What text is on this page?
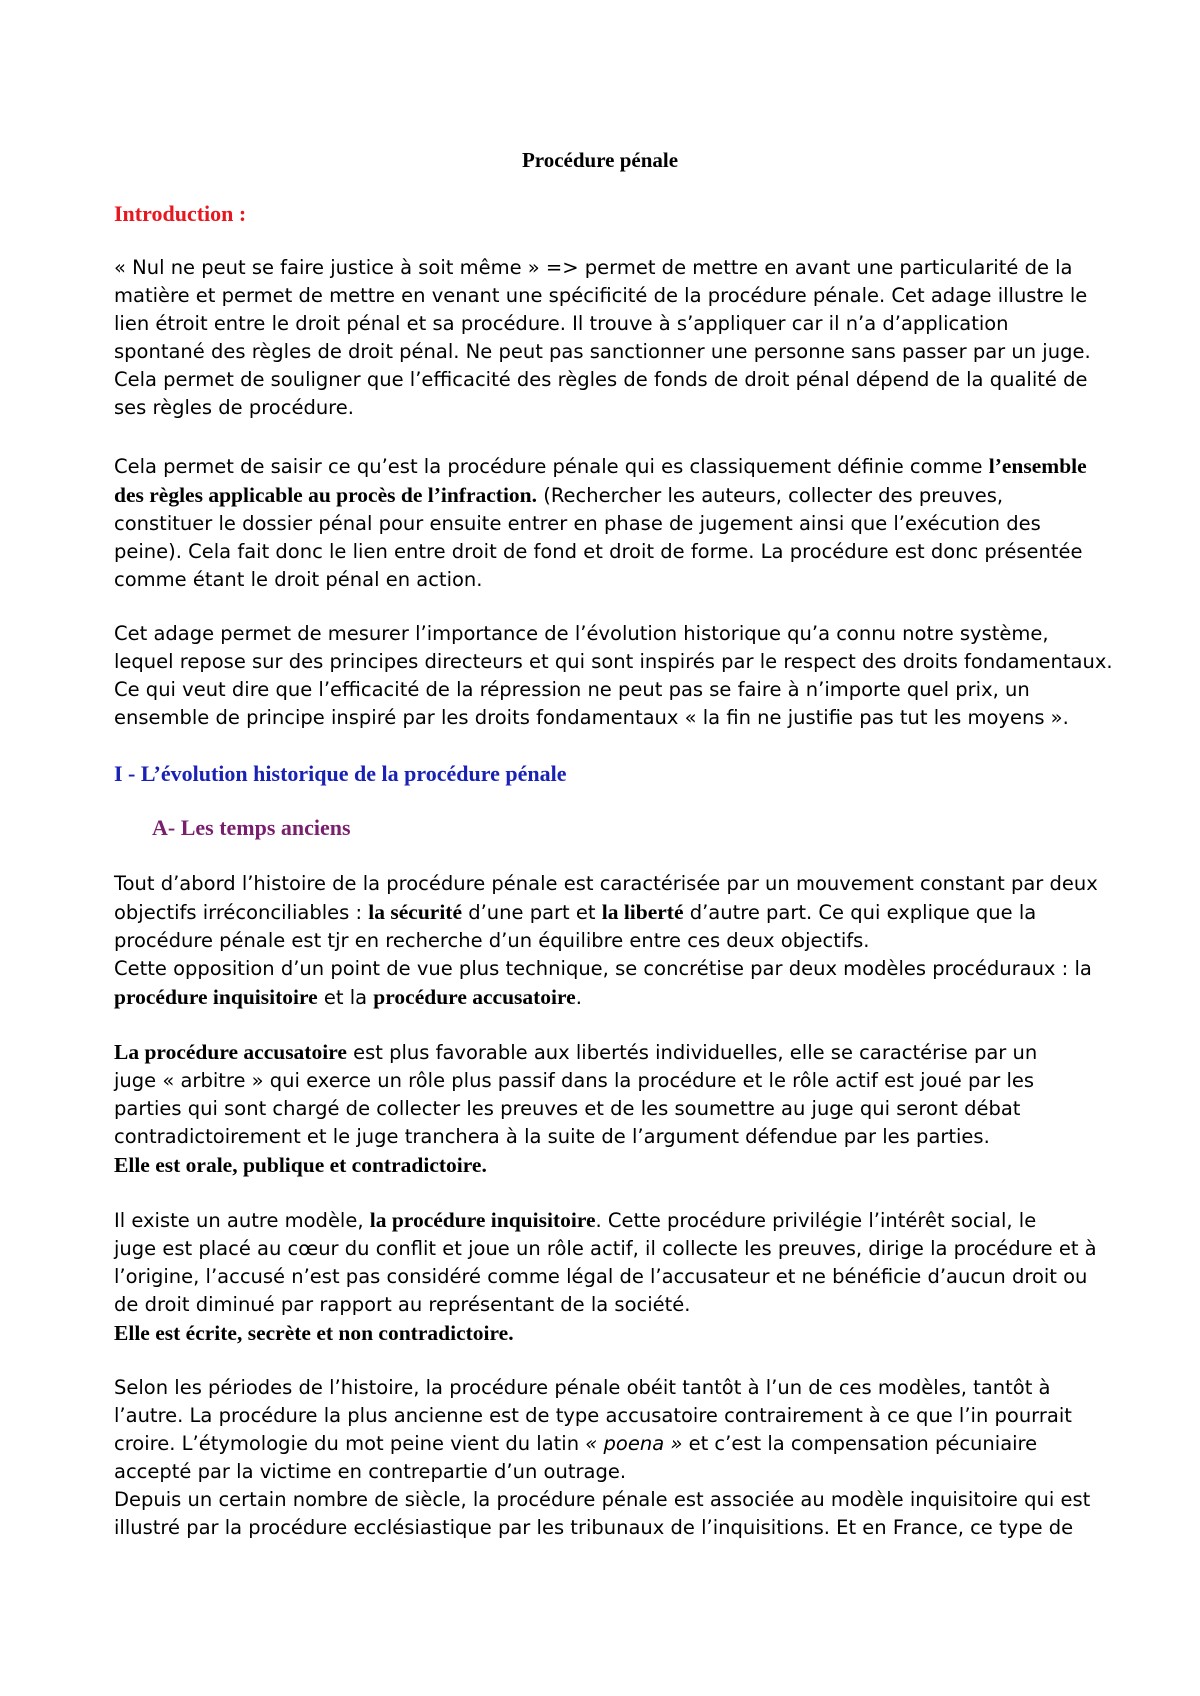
Procédure pénale
Introduction :
« Nul ne peut se faire justice à soit même » => permet de mettre en avant une particularité de la
matière et permet de mettre en venant une spécificité de la procédure pénale. Cet adage illustre le
lien étroit entre le droit pénal et sa procédure. Il trouve à s’appliquer car il n’a d’application
spontané des règles de droit pénal. Ne peut pas sanctionner une personne sans passer par un juge.
Cela permet de souligner que l’efficacité des règles de fonds de droit pénal dépend de la qualité de
ses règles de procédure.
Cela permet de saisir ce qu’est la procédure pénale qui es classiquement définie comme l’ensemble
des règles applicable au procès de l’infraction. (Rechercher les auteurs, collecter des preuves,
constituer le dossier pénal pour ensuite entrer en phase de jugement ainsi que l’exécution des
peine). Cela fait donc le lien entre droit de fond et droit de forme. La procédure est donc présentée
comme étant le droit pénal en action.
Cet adage permet de mesurer l’importance de l’évolution historique qu’a connu notre système,
lequel repose sur des principes directeurs et qui sont inspirés par le respect des droits fondamentaux.
Ce qui veut dire que l’efficacité de la répression ne peut pas se faire à n’importe quel prix, un
ensemble de principe inspiré par les droits fondamentaux « la fin ne justifie pas tut les moyens ».
I - L’évolution historique de la procédure pénale
A- Les temps anciens
Tout d’abord l’histoire de la procédure pénale est caractérisée par un mouvement constant par deux
objectifs irréconciliables : la sécurité d’une part et la liberté d’autre part. Ce qui explique que la
procédure pénale est tjr en recherche d’un équilibre entre ces deux objectifs.
Cette opposition d’un point de vue plus technique, se concrétise par deux modèles procéduraux : la
procédure inquisitoire et la procédure accusatoire.
La procédure accusatoire est plus favorable aux libertés individuelles, elle se caractérise par un
juge « arbitre » qui exerce un rôle plus passif dans la procédure et le rôle actif est joué par les
parties qui sont chargé de collecter les preuves et de les soumettre au juge qui seront débat
contradictoirement et le juge tranchera à la suite de l’argument défendue par les parties.
Elle est orale, publique et contradictoire.
Il existe un autre modèle, la procédure inquisitoire. Cette procédure privilégie l’intérêt social, le
juge est placé au cœur du conflit et joue un rôle actif, il collecte les preuves, dirige la procédure et à
l’origine, l’accusé n’est pas considéré comme légal de l’accusateur et ne bénéficie d’aucun droit ou
de droit diminué par rapport au représentant de la société.
Elle est écrite, secrète et non contradictoire.
Selon les périodes de l’histoire, la procédure pénale obéit tantôt à l’un de ces modèles, tantôt à
l’autre. La procédure la plus ancienne est de type accusatoire contrairement à ce que l’in pourrait
croire. L’étymologie du mot peine vient du latin « poena » et c’est la compensation pécuniaire
accepté par la victime en contrepartie d’un outrage.
Depuis un certain nombre de siècle, la procédure pénale est associée au modèle inquisitoire qui est
illustré par la procédure ecclésiastique par les tribunaux de l’inquisitions. Et en France, ce type de
